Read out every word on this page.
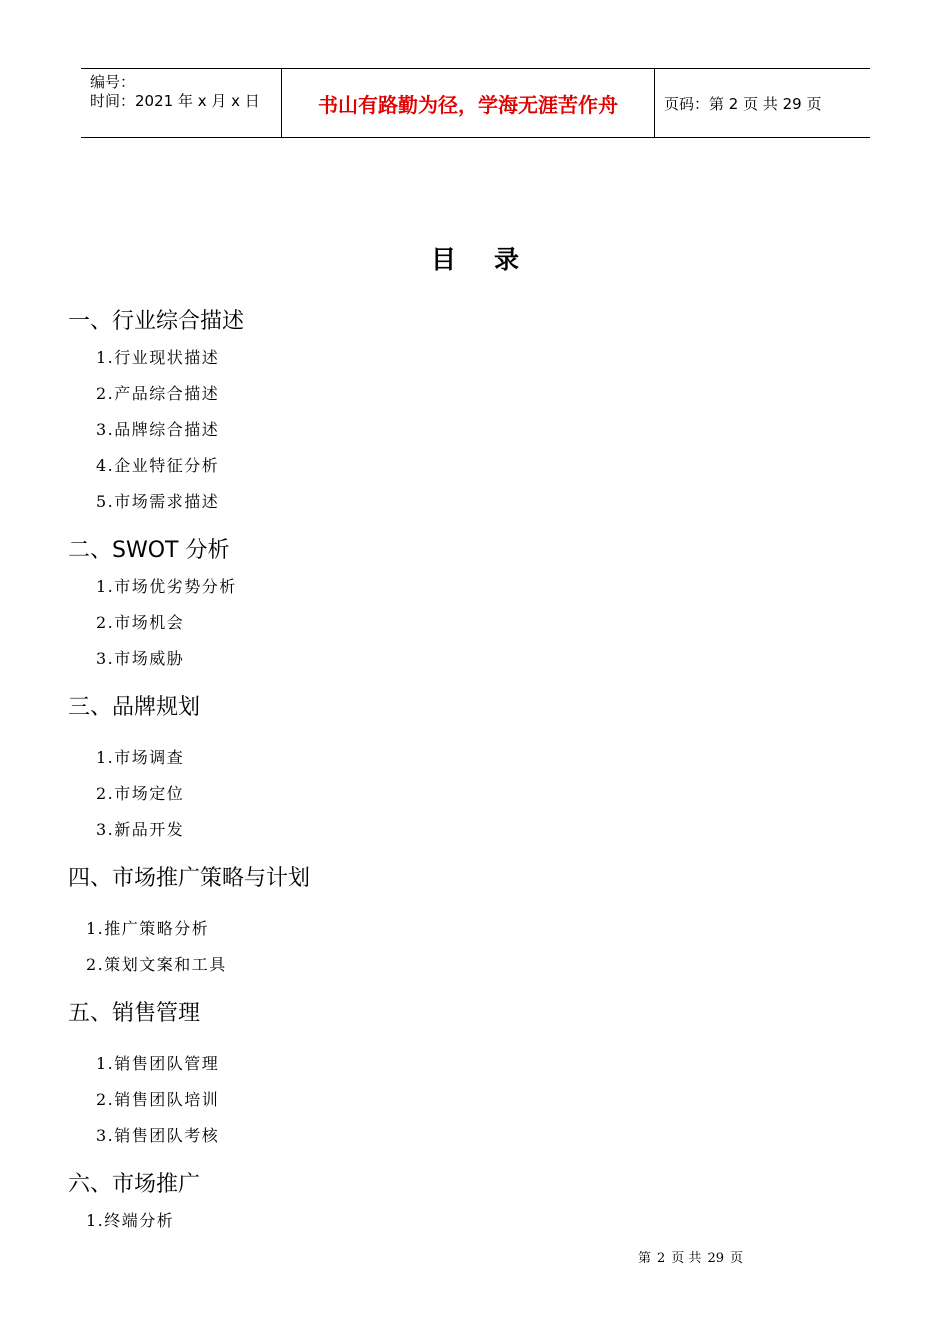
编号：
时间：2021 年 x 月 x 日	书山有路勤为径，学海无涯苦作舟	页码：第 2 页 共 29 页
目录
一、行业综合描述
1.行业现状描述
2.产品综合描述
3.品牌综合描述
4.企业特征分析
5.市场需求描述
二、SWOT 分析
1.市场优劣势分析
2.市场机会
3.市场威胁
三、品牌规划
1.市场调查
2.市场定位
3.新品开发
四、市场推广策略与计划
1.推广策略分析
2.策划文案和工具
五、销售管理
1.销售团队管理
2.销售团队培训
3.销售团队考核
六、市场推广
1.终端分析
第 2 页 共 29 页
